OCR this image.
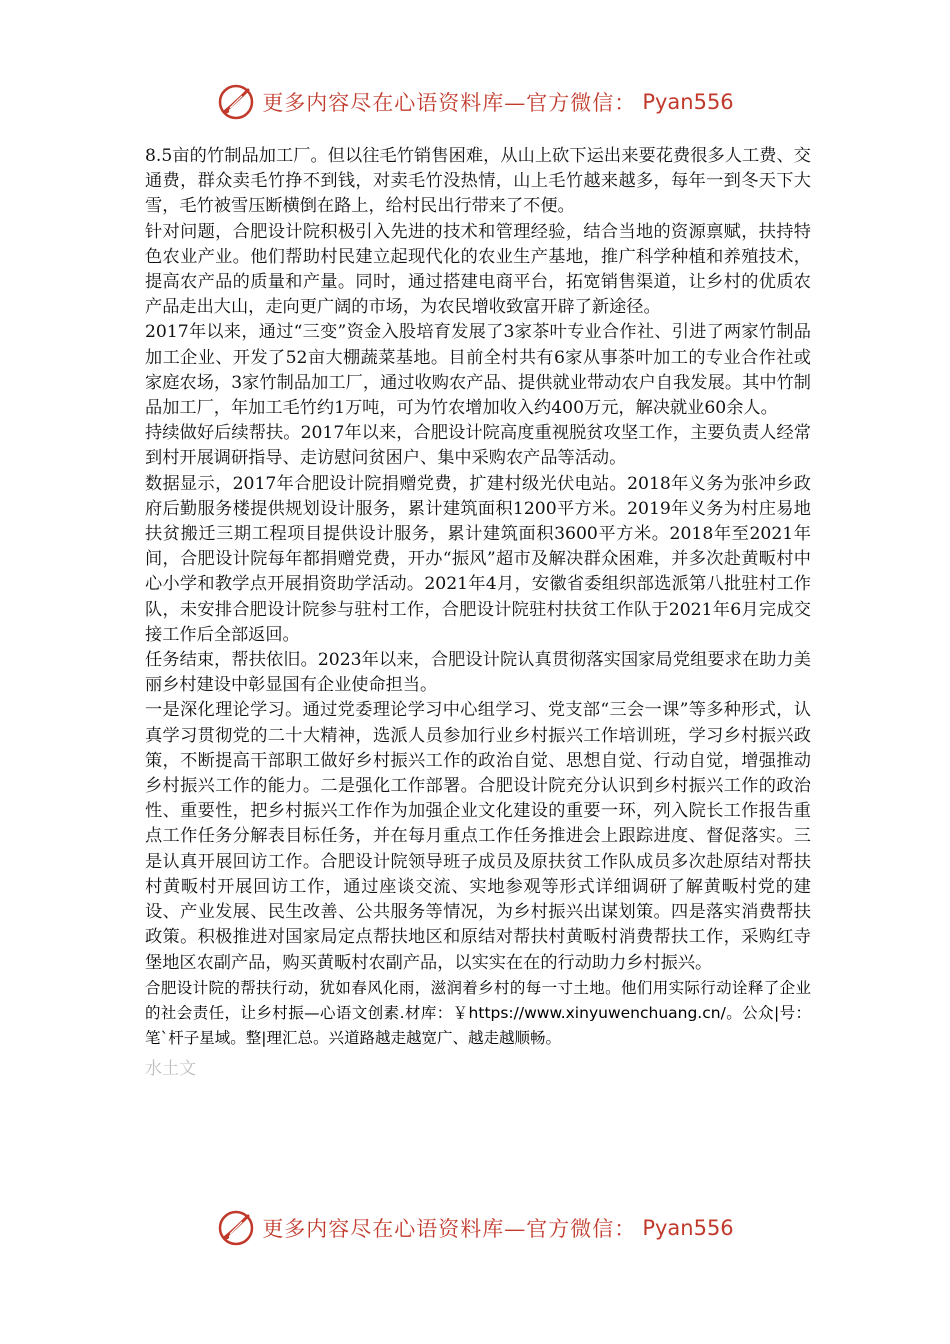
更多内容尽在心语资料库—官方微信： Pyan556

8.5亩的竹制品加工厂。但以往毛竹销售困难，从山上砍下运出来要花费很多人工费、交通费，群众卖毛竹挣不到钱，对卖毛竹没热情，山上毛竹越来越多，每年一到冬天下大雪，毛竹被雪压断横倒在路上，给村民出行带来了不便。

针对问题，合肥设计院积极引入先进的技术和管理经验，结合当地的资源禀赋，扶持特色农业产业。他们帮助村民建立起现代化的农业生产基地，推广科学种植和养殖技术，提高农产品的质量和产量。同时，通过搭建电商平台，拓宽销售渠道，让乡村的优质农产品走出大山，走向更广阔的市场，为农民增收致富开辟了新途径。

2017年以来，通过“三变”资金入股培育发展了3家茶叶专业合作社、引进了两家竹制品加工企业、开发了52亩大棚蔬菜基地。目前全村共有6家从事茶叶加工的专业合作社或家庭农场，3家竹制品加工厂，通过收购农产品、提供就业带动农户自我发展。其中竹制品加工厂，年加工毛竹约1万吨，可为竹农增加收入约400万元，解决就业60余人。

持续做好后续帮扶。2017年以来，合肥设计院高度重视脱贫攻坚工作，主要负责人经常到村开展调研指导、走访慰问贫困户、集中采购农产品等活动。

数据显示，2017年合肥设计院捐赠党费，扩建村级光伏电站。2018年义务为张冲乡政府后勤服务楼提供规划设计服务，累计建筑面积1200平方米。2019年义务为村庄易地扶贫搬迁三期工程项目提供设计服务，累计建筑面积3600平方米。2018年至2021年间，合肥设计院每年都捐赠党费，开办“振风”超市及解决群众困难，并多次赴黄畈村中心小学和教学点开展捐资助学活动。2021年4月，安徽省委组织部选派第八批驻村工作队，未安排合肥设计院参与驻村工作，合肥设计院驻村扶贫工作队于2021年6月完成交接工作后全部返回。

任务结束，帮扶依旧。2023年以来，合肥设计院认真贯彻落实国家局党组要求在助力美丽乡村建设中彰显国有企业使命担当。

一是深化理论学习。通过党委理论学习中心组学习、党支部“三会一课”等多种形式，认真学习贯彻党的二十大精神，选派人员参加行业乡村振兴工作培训班，学习乡村振兴政策，不断提高干部职工做好乡村振兴工作的政治自觉、思想自觉、行动自觉，增强推动乡村振兴工作的能力。二是强化工作部署。合肥设计院充分认识到乡村振兴工作的政治性、重要性，把乡村振兴工作作为加强企业文化建设的重要一环，列入院长工作报告重点工作任务分解表目标任务，并在每月重点工作任务推进会上跟踪进度、督促落实。三是认真开展回访工作。合肥设计院领导班子成员及原扶贫工作队成员多次赴原结对帮扶村黄畈村开展回访工作，通过座谈交流、实地参观等形式详细调研了解黄畈村党的建设、产业发展、民生改善、公共服务等情况，为乡村振兴出谋划策。四是落实消费帮扶政策。积极推进对国家局定点帮扶地区和原结对帮扶村黄畈村消费帮扶工作，采购红寺堡地区农副产品，购买黄畈村农副产品，以实实在在的行动助力乡村振兴。

合肥设计院的帮扶行动，犹如春风化雨，滋润着乡村的每一寸土地。他们用实际行动诠释了企业的社会责任，让乡村振—心语文创素.材库：￥https://www.xinyuwenchuang.cn/。公众|号：笔`杆子星域。整|理汇总。兴道路越走越宽广、越走越顺畅。

水土文

更多内容尽在心语资料库—官方微信： Pyan556
